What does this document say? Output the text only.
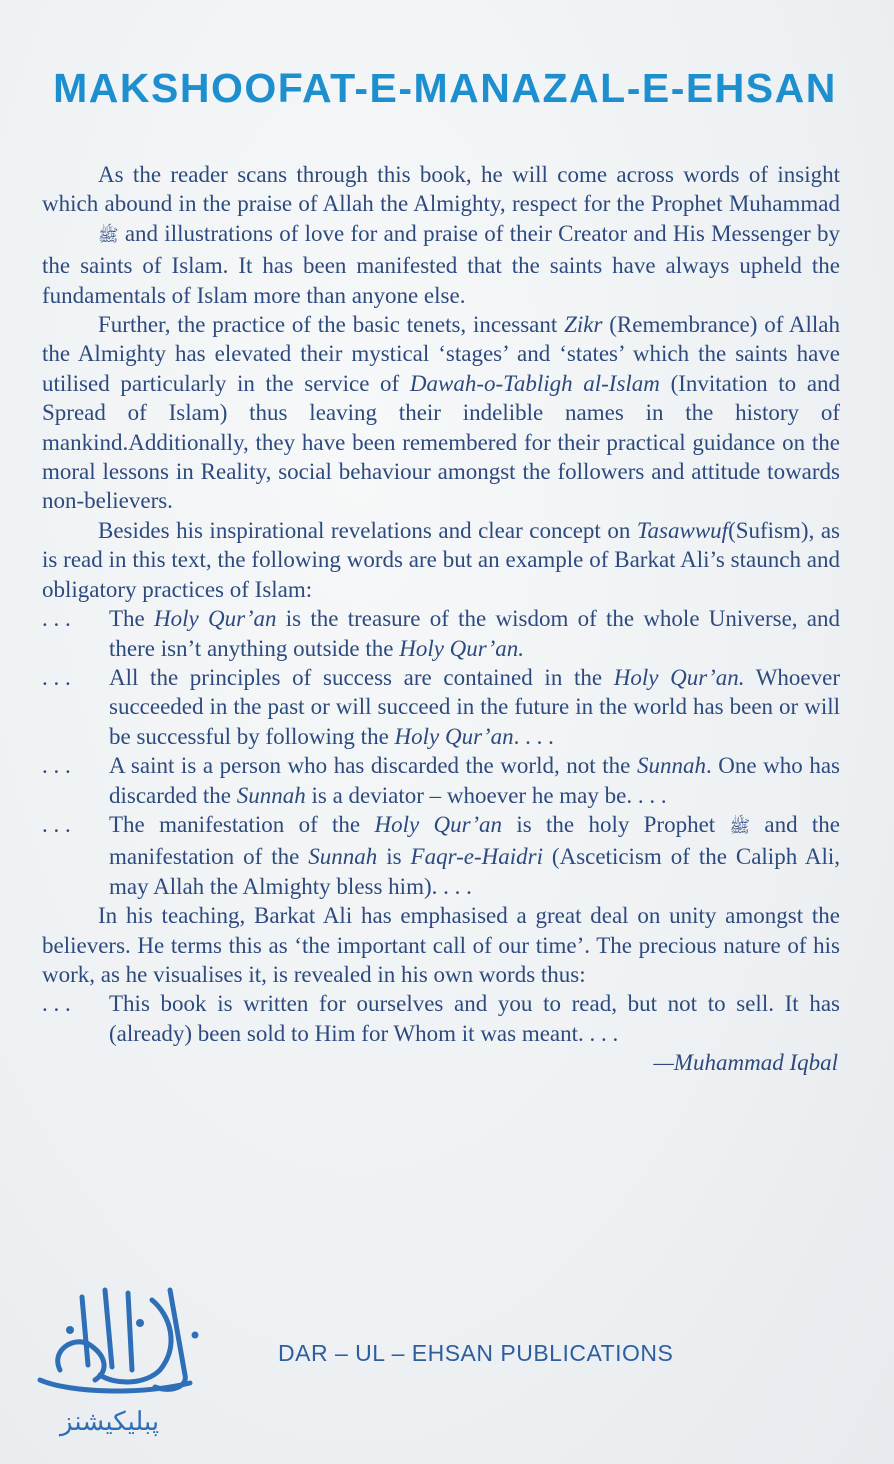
MAKSHOOFAT-E-MANAZAL-E-EHSAN

As the reader scans through this book, he will come across words of insight which abound in the praise of Allah the Almighty, respect for the Prophet Muhammad ﷺ and illustrations of love for and praise of their Creator and His Messenger by the saints of Islam. It has been manifested that the saints have always upheld the fundamentals of Islam more than anyone else.

Further, the practice of the basic tenets, incessant Zikr (Remembrance) of Allah the Almighty has elevated their mystical ‘stages’ and ‘states’ which the saints have utilised particularly in the service of Dawah-o-Tabligh al-Islam (Invitation to and Spread of Islam) thus leaving their indelible names in the history of mankind.Additionally, they have been remembered for their practical guidance on the moral lessons in Reality, social behaviour amongst the followers and attitude towards non-believers.

Besides his inspirational revelations and clear concept on Tasawwuf(Sufism), as is read in this text, the following words are but an example of Barkat Ali’s staunch and obligatory practices of Islam:

. . . The Holy Qur’an is the treasure of the wisdom of the whole Universe, and there isn’t anything outside the Holy Qur’an.

. . . All the principles of success are contained in the Holy Qur’an. Whoever succeeded in the past or will succeed in the future in the world has been or will be successful by following the Holy Qur’an. . . .

. . . A saint is a person who has discarded the world, not the Sunnah. One who has discarded the Sunnah is a deviator – whoever he may be. . . .

. . . The manifestation of the Holy Qur’an is the holy Prophet ﷺ and the manifestation of the Sunnah is Faqr-e-Haidri (Asceticism of the Caliph Ali, may Allah the Almighty bless him). . . .

In his teaching, Barkat Ali has emphasised a great deal on unity amongst the believers. He terms this as ‘the important call of our time’. The precious nature of his work, as he visualises it, is revealed in his own words thus:

. . . This book is written for ourselves and you to read, but not to sell. It has (already) been sold to Him for Whom it was meant. . . .

—Muhammad Iqbal

پبلیکیشنز
DAR – UL – EHSAN PUBLICATIONS
